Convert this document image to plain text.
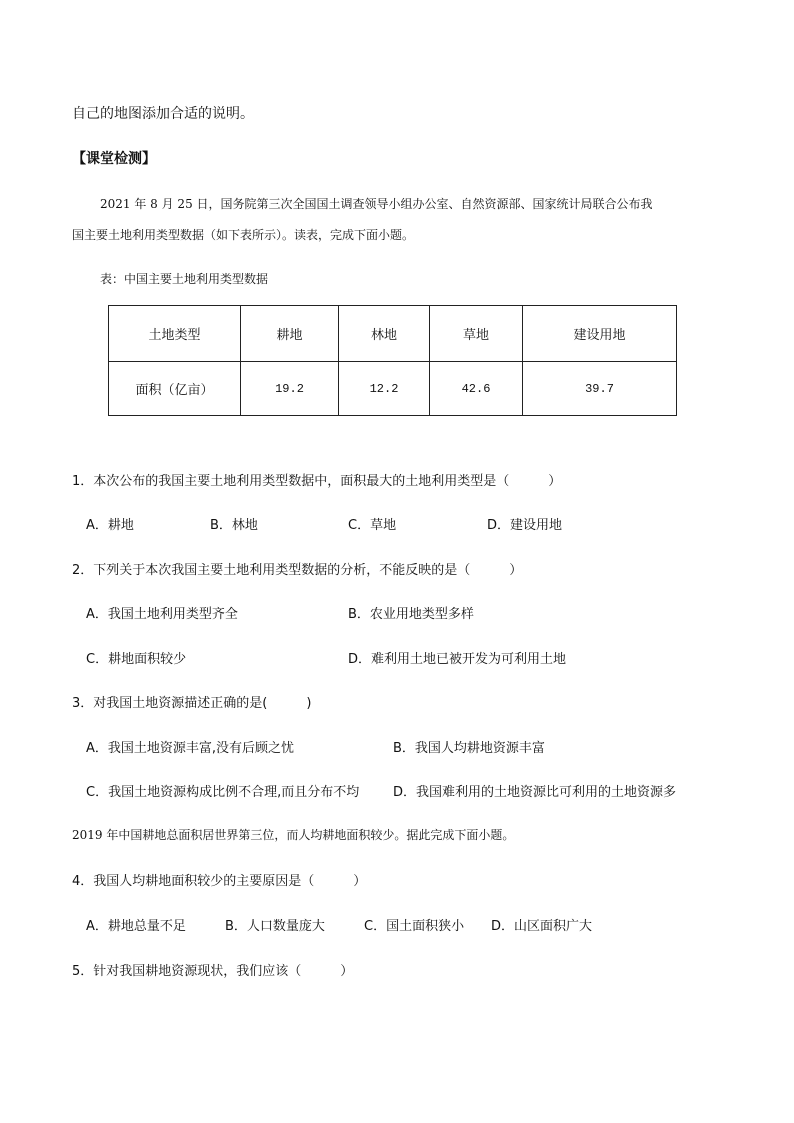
自己的地图添加合适的说明。
【课堂检测】
2021 年 8 月 25 日，国务院第三次全国国土调查领导小组办公室、自然资源部、国家统计局联合公布我
国主要土地利用类型数据（如下表所示）。读表，完成下面小题。
表：中国主要土地利用类型数据
土地类型	耕地	林地	草地	建设用地
面积（亿亩）	19.2	12.2	42.6	39.7
1．本次公布的我国主要土地利用类型数据中，面积最大的土地利用类型是（　　　）
A．耕地	B．林地	C．草地	D．建设用地
2．下列关于本次我国主要土地利用类型数据的分析，不能反映的是（　　　）
A．我国土地利用类型齐全	B．农业用地类型多样
C．耕地面积较少	D．难利用土地已被开发为可利用土地
3．对我国土地资源描述正确的是(　　　)
A．我国土地资源丰富,没有后顾之忧	B．我国人均耕地资源丰富
C．我国土地资源构成比例不合理,而且分布不均	D．我国难利用的土地资源比可利用的土地资源多
2019 年中国耕地总面积居世界第三位，而人均耕地面积较少。据此完成下面小题。
4．我国人均耕地面积较少的主要原因是（　　　）
A．耕地总量不足	B．人口数量庞大	C．国土面积狭小 D．山区面积广大
5．针对我国耕地资源现状，我们应该（　　　）
